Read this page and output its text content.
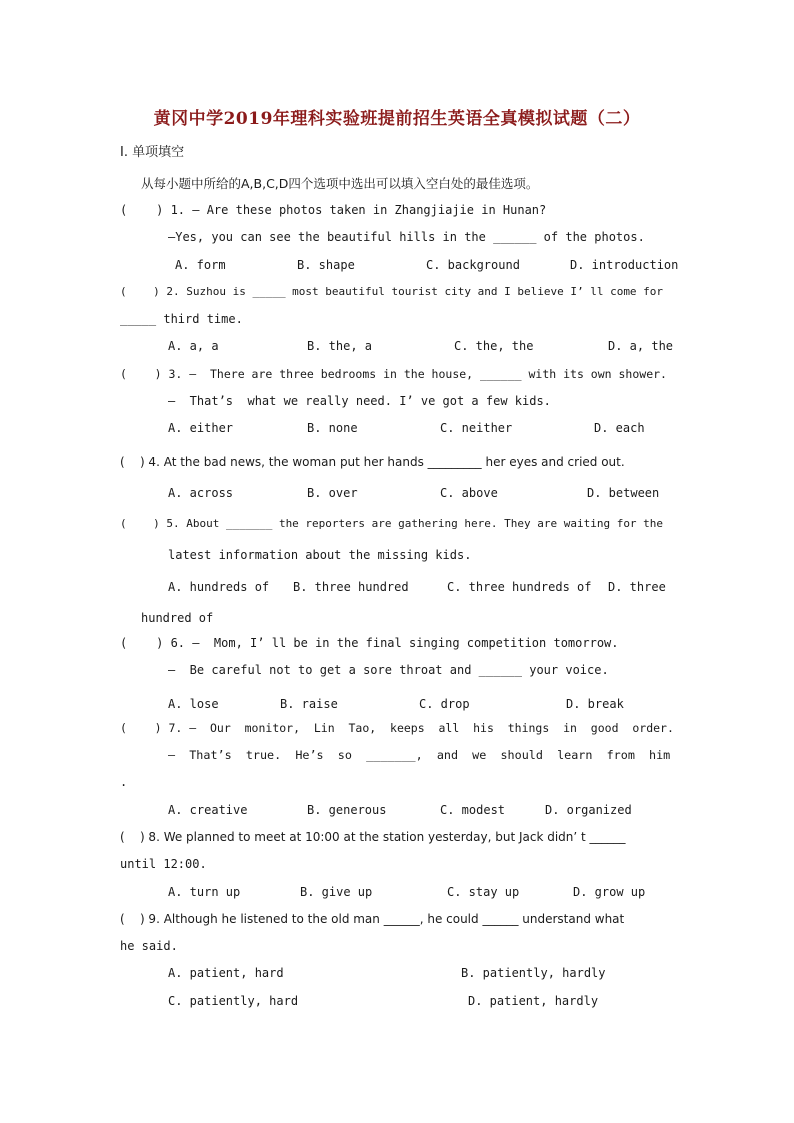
黄冈中学2019年理科实验班提前招生英语全真模拟试题（二）
I. 单项填空
从每小题中所给的A,B,C,D四个选项中选出可以填入空白处的最佳选项。
(    ) 1. — Are these photos taken in Zhangjiajie in Hunan?
—Yes, you can see the beautiful hills in the ______ of the photos.
A. form	B. shape	C. background	D. introduction
(    ) 2. Suzhou is _____ most beautiful tourist city and I believe I’ ll come for
_____ third time.
A. a, a	B. the, a	C. the, the	D. a, the
(    ) 3. —  There are three bedrooms in the house, ______ with its own shower.
—  That’s  what we really need. I’ ve got a few kids.
A. either	B. none	C. neither	D. each
(    ) 4. At the bad news, the woman put her hands _________ her eyes and cried out.
A. across	B. over	C. above	D. between
(    ) 5. About _______ the reporters are gathering here. They are waiting for the
latest information about the missing kids.
A. hundreds of B. three hundred	C. three hundreds of D. three
hundred of
(    ) 6. —  Mom, I’ ll be in the final singing competition tomorrow.
—  Be careful not to get a sore throat and ______ your voice.
A. lose	B. raise	C. drop	D. break
(    ) 7. —  Our  monitor,  Lin  Tao,  keeps  all  his  things  in  good  order.
—  That’s  true.  He’s  so  _______,  and  we  should  learn  from  him
.
A. creative	B. generous	C. modest	D. organized
(    ) 8. We planned to meet at 10:00 at the station yesterday, but Jack didn’ t ______
until 12:00.
A. turn up	B. give up	C. stay up	D. grow up
(    ) 9. Although he listened to the old man ______, he could ______ understand what
he said.
A. patient, hard	B. patiently, hardly
C. patiently, hard	D. patient, hardly
